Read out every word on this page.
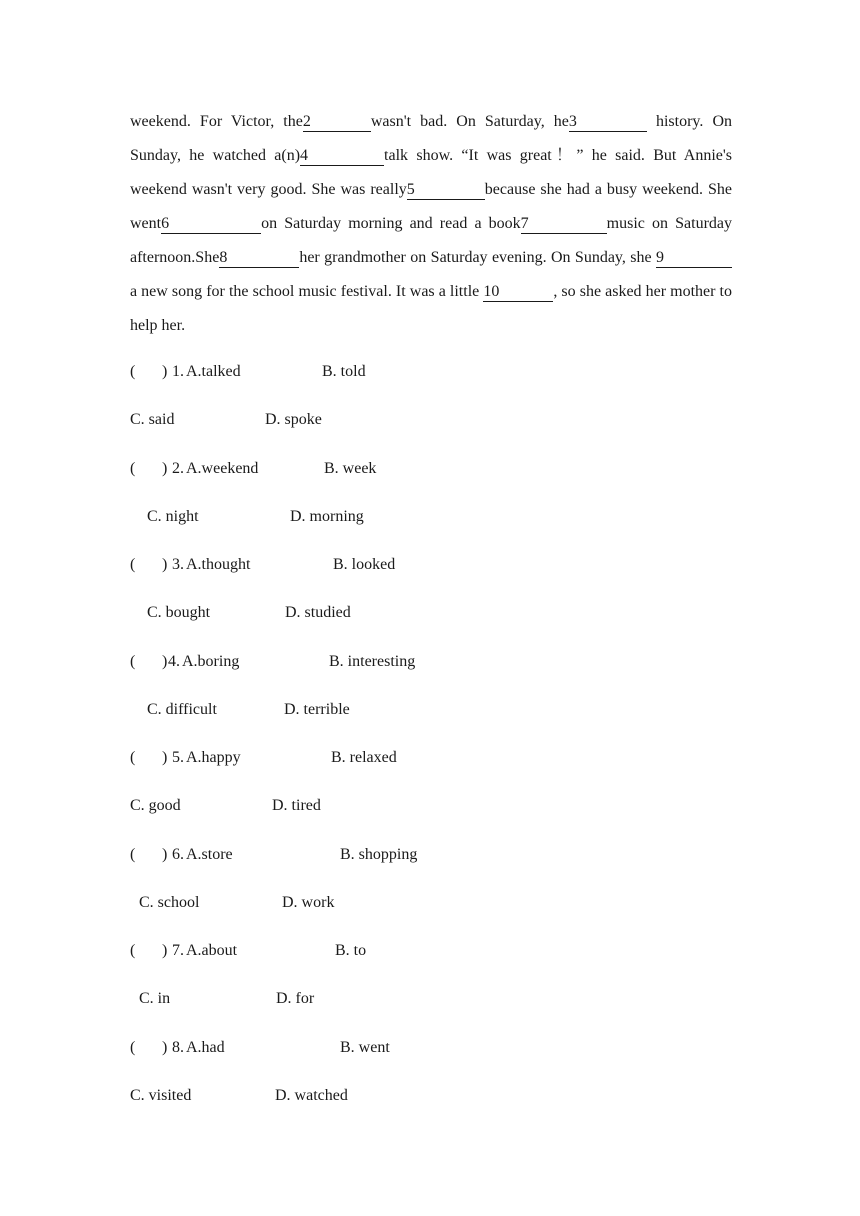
weekend. For Victor, the2	wasn't bad. On Saturday, he3	history. On Sunday, he watched a(n)4	talk show. “It was great！” he said. But Annie's weekend wasn't very good. She was really5	because she had a busy weekend. She went6	on Saturday morning and read a book7	music on Saturday afternoon.She8	her grandmother on Saturday evening. On Sunday, she 9 a new song for the school music festival. It was a little 10	, so she asked her mother to help her.

( ) 1. A.talked	B. told
C. said	D. spoke
( ) 2. A.weekend	B. week
C. night	D. morning
( ) 3. A.thought	B. looked
C. bought	D. studied
( ) 4. A.boring	B. interesting
C. difficult	D. terrible
( ) 5. A.happy	B. relaxed
C. good	D. tired
( ) 6. A.store	B. shopping
C. school	D. work
( ) 7. A.about	B. to
C. in	D. for
( ) 8. A.had	B. went
C. visited	D. watched
